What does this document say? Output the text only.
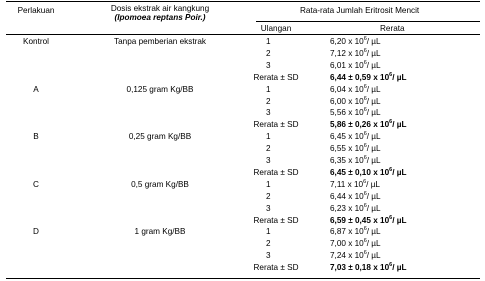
Perlakuan	Dosis ekstrak air kangkung
(Ipomoea reptans Poir.)
Rata-rata Jumlah Eritrosit Mencit
Ulangan	Rerata
Kontrol	Tanpa pemberian ekstrak	1	6,20 x $10^6/$ µL
2	7,12 x $10^6/$ µL
3	6,01 x $10^6/$ µL
Rerata ± SD	6,44 ± 0,59 x $10^6/$ µL
A	0,125 gram Kg/BB	1	6,04 x $10^6/$ µL
2	6,00 x $10^6/$ µL
3	5,56 x $10^6/$ µL
Rerata ± SD	5,86 ± 0,26 x $10^6/$ µL
B	0,25 gram Kg/BB	1	6,45 x $10^6/$ µL
2	6,55 x $10^6/$ µL
3	6,35 x $10^6/$ µL
Rerata ± SD	6,45 ± 0,10 x $10^6/$ µL
C	0,5 gram Kg/BB	1	7,11 x $10^6/$ µL
2	6,44 x $10^6/$ µL
3	6,23 x $10^6/$ µL
Rerata ± SD	6,59 ± 0,45 x $10^6/$ µL
D	1 gram Kg/BB	1	6,87 x $10^6/$ µL
2	7,00 x $10^6/$ µL
3	7,24 x $10^6/$ µL
Rerata ± SD	7,03 ± 0,18 x $10^6/$ µL
